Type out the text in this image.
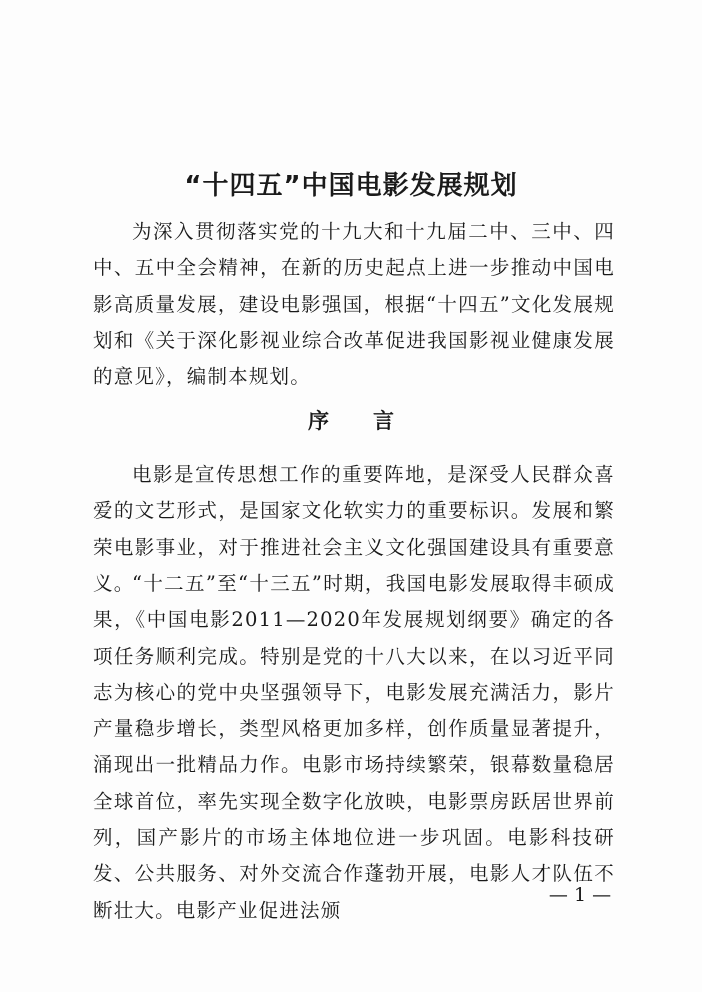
“十四五”中国电影发展规划

为深入贯彻落实党的十九大和十九届二中、三中、四中、五中全会精神，在新的历史起点上进一步推动中国电影高质量发展，建设电影强国，根据“十四五”文化发展规划和《关于深化影视业综合改革促进我国影视业健康发展的意见》，编制本规划。

序 言

电影是宣传思想工作的重要阵地，是深受人民群众喜爱的文艺形式，是国家文化软实力的重要标识。发展和繁荣电影事业，对于推进社会主义文化强国建设具有重要意义。

“十二五”至“十三五”时期，我国电影发展取得丰硕成果，《中国电影2011—2020年发展规划纲要》确定的各项任务顺利完成。特别是党的十八大以来，在以习近平同志为核心的党中央坚强领导下，电影发展充满活力，影片产量稳步增长，类型风格更加多样，创作质量显著提升，涌现出一批精品力作。电影市场持续繁荣，银幕数量稳居全球首位，率先实现全数字化放映，电影票房跃居世界前列，国产影片的市场主体地位进一步巩固。电影科技研发、公共服务、对外交流合作蓬勃开展，电影人才队伍不断壮大。电影产业促进法颁

— 1 —
